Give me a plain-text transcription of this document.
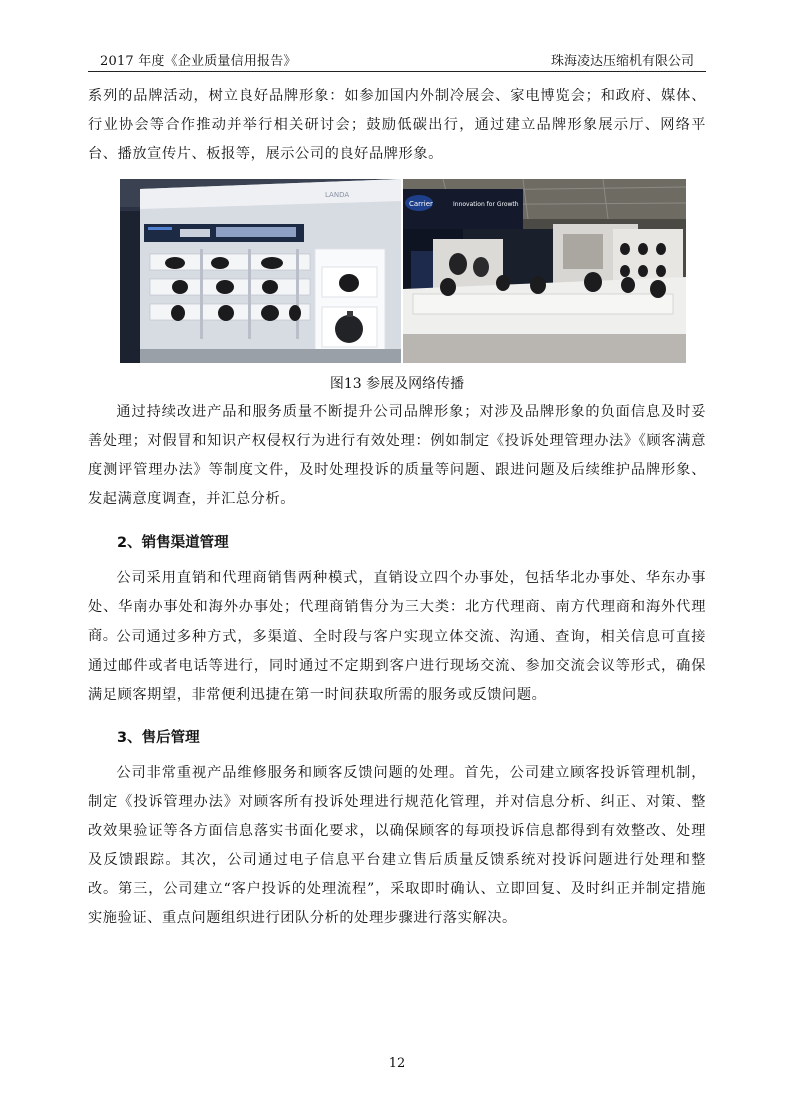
2017 年度《企业质量信用报告》	珠海凌达压缩机有限公司

系列的品牌活动，树立良好品牌形象：如参加国内外制冷展会、家电博览会；和政府、媒体、行业协会等合作推动并举行相关研讨会；鼓励低碳出行，通过建立品牌形象展示厅、网络平台、播放宣传片、板报等，展示公司的良好品牌形象。

LANDA
Carrier	Innovation for Growth

图13 参展及网络传播

通过持续改进产品和服务质量不断提升公司品牌形象；对涉及品牌形象的负面信息及时妥善处理；对假冒和知识产权侵权行为进行有效处理：例如制定《投诉处理管理办法》《顾客满意度测评管理办法》等制度文件，及时处理投诉的质量等问题、跟进问题及后续维护品牌形象、发起满意度调查，并汇总分析。

2、销售渠道管理

公司采用直销和代理商销售两种模式，直销设立四个办事处，包括华北办事处、华东办事处、华南办事处和海外办事处；代理商销售分为三大类：北方代理商、南方代理商和海外代理商。

公司通过多种方式，多渠道、全时段与客户实现立体交流、沟通、查询，相关信息可直接通过邮件或者电话等进行，同时通过不定期到客户进行现场交流、参加交流会议等形式，确保满足顾客期望，非常便利迅捷在第一时间获取所需的服务或反馈问题。

3、售后管理

公司非常重视产品维修服务和顾客反馈问题的处理。首先，公司建立顾客投诉管理机制，制定《投诉管理办法》对顾客所有投诉处理进行规范化管理，并对信息分析、纠正、对策、整改效果验证等各方面信息落实书面化要求，以确保顾客的每项投诉信息都得到有效整改、处理及反馈跟踪。其次，公司通过电子信息平台建立售后质量反馈系统对投诉问题进行处理和整改。第三，公司建立“客户投诉的处理流程”，采取即时确认、立即回复、及时纠正并制定措施实施验证、重点问题组织进行团队分析的处理步骤进行落实解决。

12
